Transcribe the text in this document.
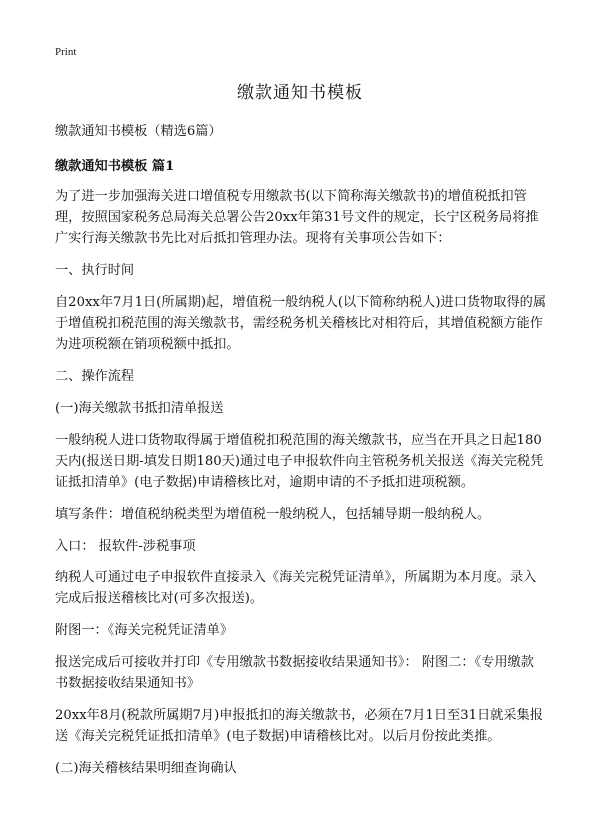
Print
缴款通知书模板

缴款通知书模板（精选6篇）

缴款通知书模板 篇1

为了进一步加强海关进口增值税专用缴款书(以下简称海关缴款书)的增值税抵扣管理，按照国家税务总局海关总署公告20xx年第31号文件的规定，长宁区税务局将推广实行海关缴款书先比对后抵扣管理办法。现将有关事项公告如下：

一、执行时间

自20xx年7月1日(所属期)起，增值税一般纳税人(以下简称纳税人)进口货物取得的属于增值税扣税范围的海关缴款书，需经税务机关稽核比对相符后，其增值税额方能作为进项税额在销项税额中抵扣。

二、操作流程

(一)海关缴款书抵扣清单报送

一般纳税人进口货物取得属于增值税扣税范围的海关缴款书，应当在开具之日起180天内(报送日期-填发日期180天)通过电子申报软件向主管税务机关报送《海关完税凭证抵扣清单》(电子数据)申请稽核比对，逾期申请的不予抵扣进项税额。

填写条件：增值税纳税类型为增值税一般纳税人，包括辅导期一般纳税人。

入口： 报软件-涉税事项

纳税人可通过电子申报软件直接录入《海关完税凭证清单》，所属期为本月度。录入完成后报送稽核比对(可多次报送)。

附图一：《海关完税凭证清单》

报送完成后可接收并打印《专用缴款书数据接收结果通知书》： 附图二：《专用缴款书数据接收结果通知书》

20xx年8月(税款所属期7月)申报抵扣的海关缴款书，必须在7月1日至31日就采集报送《海关完税凭证抵扣清单》(电子数据)申请稽核比对。以后月份按此类推。

(二)海关稽核结果明细查询确认
